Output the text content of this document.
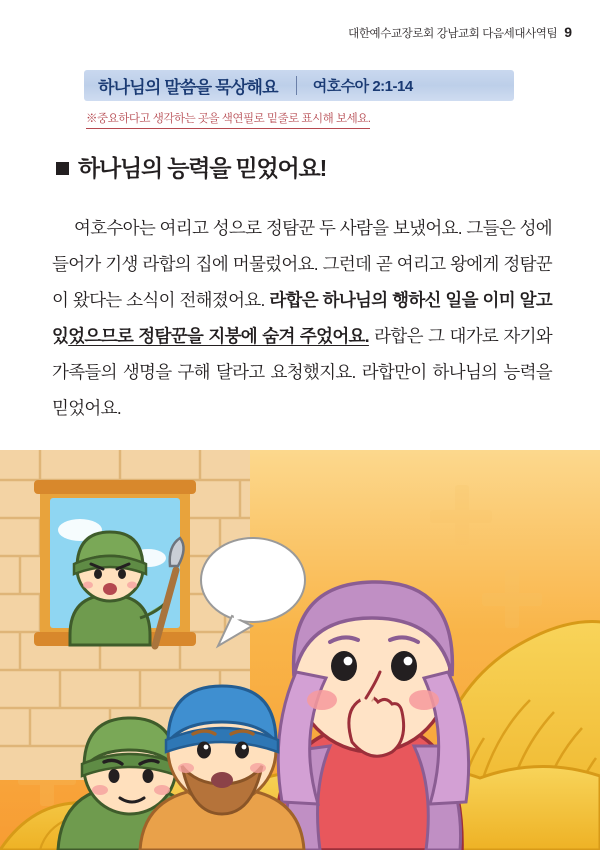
대한예수교장로회 강남교회 다음세대사역팀 9
하나님의 말씀을 묵상해요 여호수아 2:1-14
※중요하다고 생각하는 곳을 색연필로 밑줄로 표시해 보세요.
하나님의 능력을 믿었어요!

여호수아는 여리고 성으로 정탐꾼 두 사람을 보냈어요. 그들은 성에 들어가 기생 라합의 집에 머물렀어요. 그런데 곧 여리고 왕에게 정탐꾼이 왔다는 소식이 전해졌어요. 라합은 하나님의 행하신 일을 이미 알고 있었으므로 정탐꾼을 지붕에 숨겨 주었어요. 라합은 그 대가로 자기와 가족들의 생명을 구해 달라고 요청했지요. 라합만이 하나님의 능력을 믿었어요.
